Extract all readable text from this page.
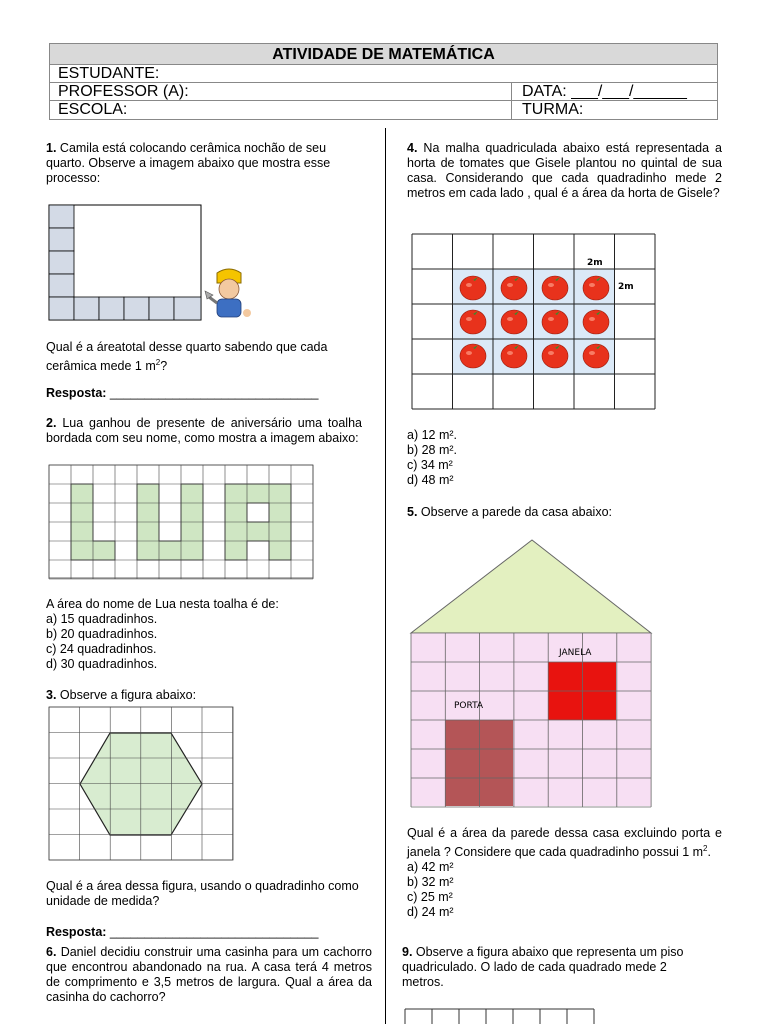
ATIVIDADE DE MATEMÁTICA
ESTUDANTE:
PROFESSOR (A):	DATA: ___/___/______
ESCOLA:	TURMA:
1. Camila está colocando cerâmica nochão de seu quarto. Observe a imagem abaixo que mostra esse processo:
Qual é a áreatotal desse quarto sabendo que cada cerâmica mede 1 $m^2$?
Resposta: ______________________________
2. Lua ganhou de presente de aniversário uma toalha bordada com seu nome, como mostra a imagem abaixo:
A área do nome de Lua nesta toalha é de:
a) 15 quadradinhos.
b) 20 quadradinhos.
c) 24 quadradinhos.
d) 30 quadradinhos.
3. Observe a figura abaixo:
Qual é a área dessa figura, usando o quadradinho como unidade de medida?
Resposta: ______________________________
6. Daniel decidiu construir uma casinha para um cachorro que encontrou abandonado na rua. A casa terá 4 metros de comprimento e 3,5 metros de largura. Qual a área da casinha do cachorro?
4. Na malha quadriculada abaixo está representada a horta de tomates que Gisele plantou no quintal de sua casa. Considerando que cada quadradinho mede 2 metros em cada lado , qual é a área da horta de Gisele?
2m
2m
a) 12 m².
b) 28 m².
c) 34 m²
d) 48 m²
5. Observe a parede da casa abaixo:
JANELA
PORTA
Qual é a área da parede dessa casa excluindo porta e janela ? Considere que cada quadradinho possui 1 $m^2$.
a) 42 m²
b) 32 m²
c) 25 m²
d) 24 m²
9. Observe a figura abaixo que representa um piso quadriculado. O lado de cada quadrado mede 2 metros.
